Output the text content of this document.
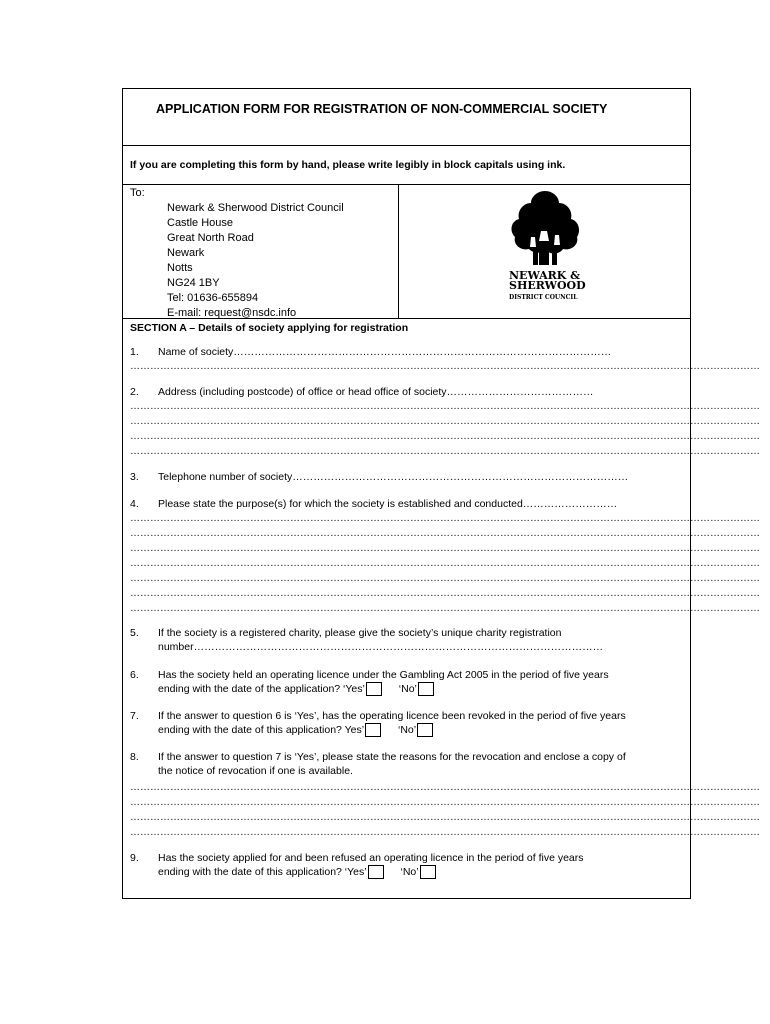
APPLICATION FORM FOR REGISTRATION OF NON-COMMERCIAL SOCIETY
If you are completing this form by hand, please write legibly in block capitals using ink.
To:
Newark & Sherwood District Council
Castle House
Great North Road
Newark
Notts
NG24 1BY
Tel: 01636-655894
E-mail: request@nsdc.info
NEWARK &
SHERWOOD
DISTRICT COUNCIL
SECTION A – Details of society applying for registration
1. Name of society………………………………………………………………………………………………
………………………………………………………………………………………………………………………………………………………………………
2. Address (including postcode) of office or head office of society……………………………………
………………………………………………………………………………………………………………………………………………………………………
………………………………………………………………………………………………………………………………………………………………………
………………………………………………………………………………………………………………………………………………………………………
………………………………………………………………………………………………………………………………………………………………………
3. Telephone number of society……………………………………………………………………………………
4. Please state the purpose(s) for which the society is established and conducted………………………
………………………………………………………………………………………………………………………………………………………………………
………………………………………………………………………………………………………………………………………………………………………
………………………………………………………………………………………………………………………………………………………………………
………………………………………………………………………………………………………………………………………………………………………
………………………………………………………………………………………………………………………………………………………………………
………………………………………………………………………………………………………………………………………………………………………
………………………………………………………………………………………………………………………………………………………………………
5. If the society is a registered charity, please give the society’s unique charity registration
number………………………………………………………………………………………………………
6. Has the society held an operating licence under the Gambling Act 2005 in the period of five years
ending with the date of the application? ‘Yes’	‘No’
7. If the answer to question 6 is ‘Yes’, has the operating licence been revoked in the period of five years
ending with the date of this application? Yes’	‘No’
8. If the answer to question 7 is ‘Yes’, please state the reasons for the revocation and enclose a copy of
the notice of revocation if one is available.
………………………………………………………………………………………………………………………………………………………………………
………………………………………………………………………………………………………………………………………………………………………
………………………………………………………………………………………………………………………………………………………………………
………………………………………………………………………………………………………………………………………………………………………
9. Has the society applied for and been refused an operating licence in the period of five years
ending with the date of this application? ‘Yes’	‘No’
